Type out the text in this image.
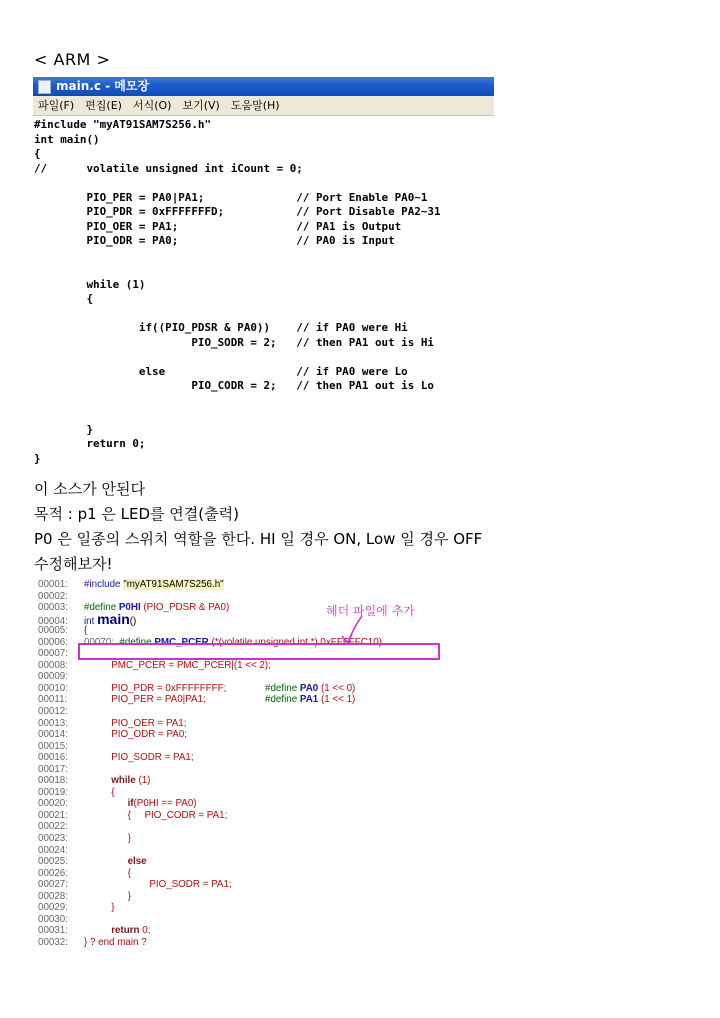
< ARM >
main.c - 메모장
파일(F) 편집(E) 서식(O) 보기(V) 도움말(H)
#include "myAT91SAM7S256.h"
int main()
{
//      volatile unsigned int iCount = 0;

PIO_PER = PA0|PA1;              // Port Enable PA0~1
PIO_PDR = 0xFFFFFFFD;           // Port Disable PA2~31
PIO_OER = PA1;                  // PA1 is Output
PIO_ODR = PA0;                  // PA0 is Input

while (1)
{

if((PIO_PDSR & PA0))    // if PA0 were Hi
PIO_SODR = 2;   // then PA1 out is Hi

else                    // if PA0 were Lo
PIO_CODR = 2;   // then PA1 out is Lo

}
return 0;
}
이 소스가 안된다
목적 : p1 은 LED를 연결(출력)
P0 은 일종의 스위치 역할을 한다. HI 일 경우 ON, Low 일 경우 OFF
수정해보자!
00001: #include "myAT91SAM7S256.h"
00002:
00003: #define P0HI (PIO_PDSR & PA0)
00004: int main()
00005: {
00006: 00070: #define PMC_PCER (*(volatile unsigned int *) 0xFFFFFC10)
00007:
00008:	PMC_PCER = PMC_PCER|(1 << 2);
00009:
00010:	PIO_PDR = 0xFFFFFFFF;	#define PA0 (1 << 0)
00011:	PIO_PER = PA0|PA1;	#define PA1 (1 << 1)
00012:
00013:	PIO_OER = PA1;
00014:	PIO_ODR = PA0;
00015:
00016:	PIO_SODR = PA1;
00017:
00018:	while (1)
00019:	{
00020:	if(P0HI == PA0)
00021:	{ PIO_CODR = PA1;
00022:
00023:	}
00024:
00025:	else
00026:	{
00027:	PIO_SODR = PA1;
00028:	}
00029:	}
00030:
00031:	return 0;
00032: } ? end main ?
헤더 파일에 추가
